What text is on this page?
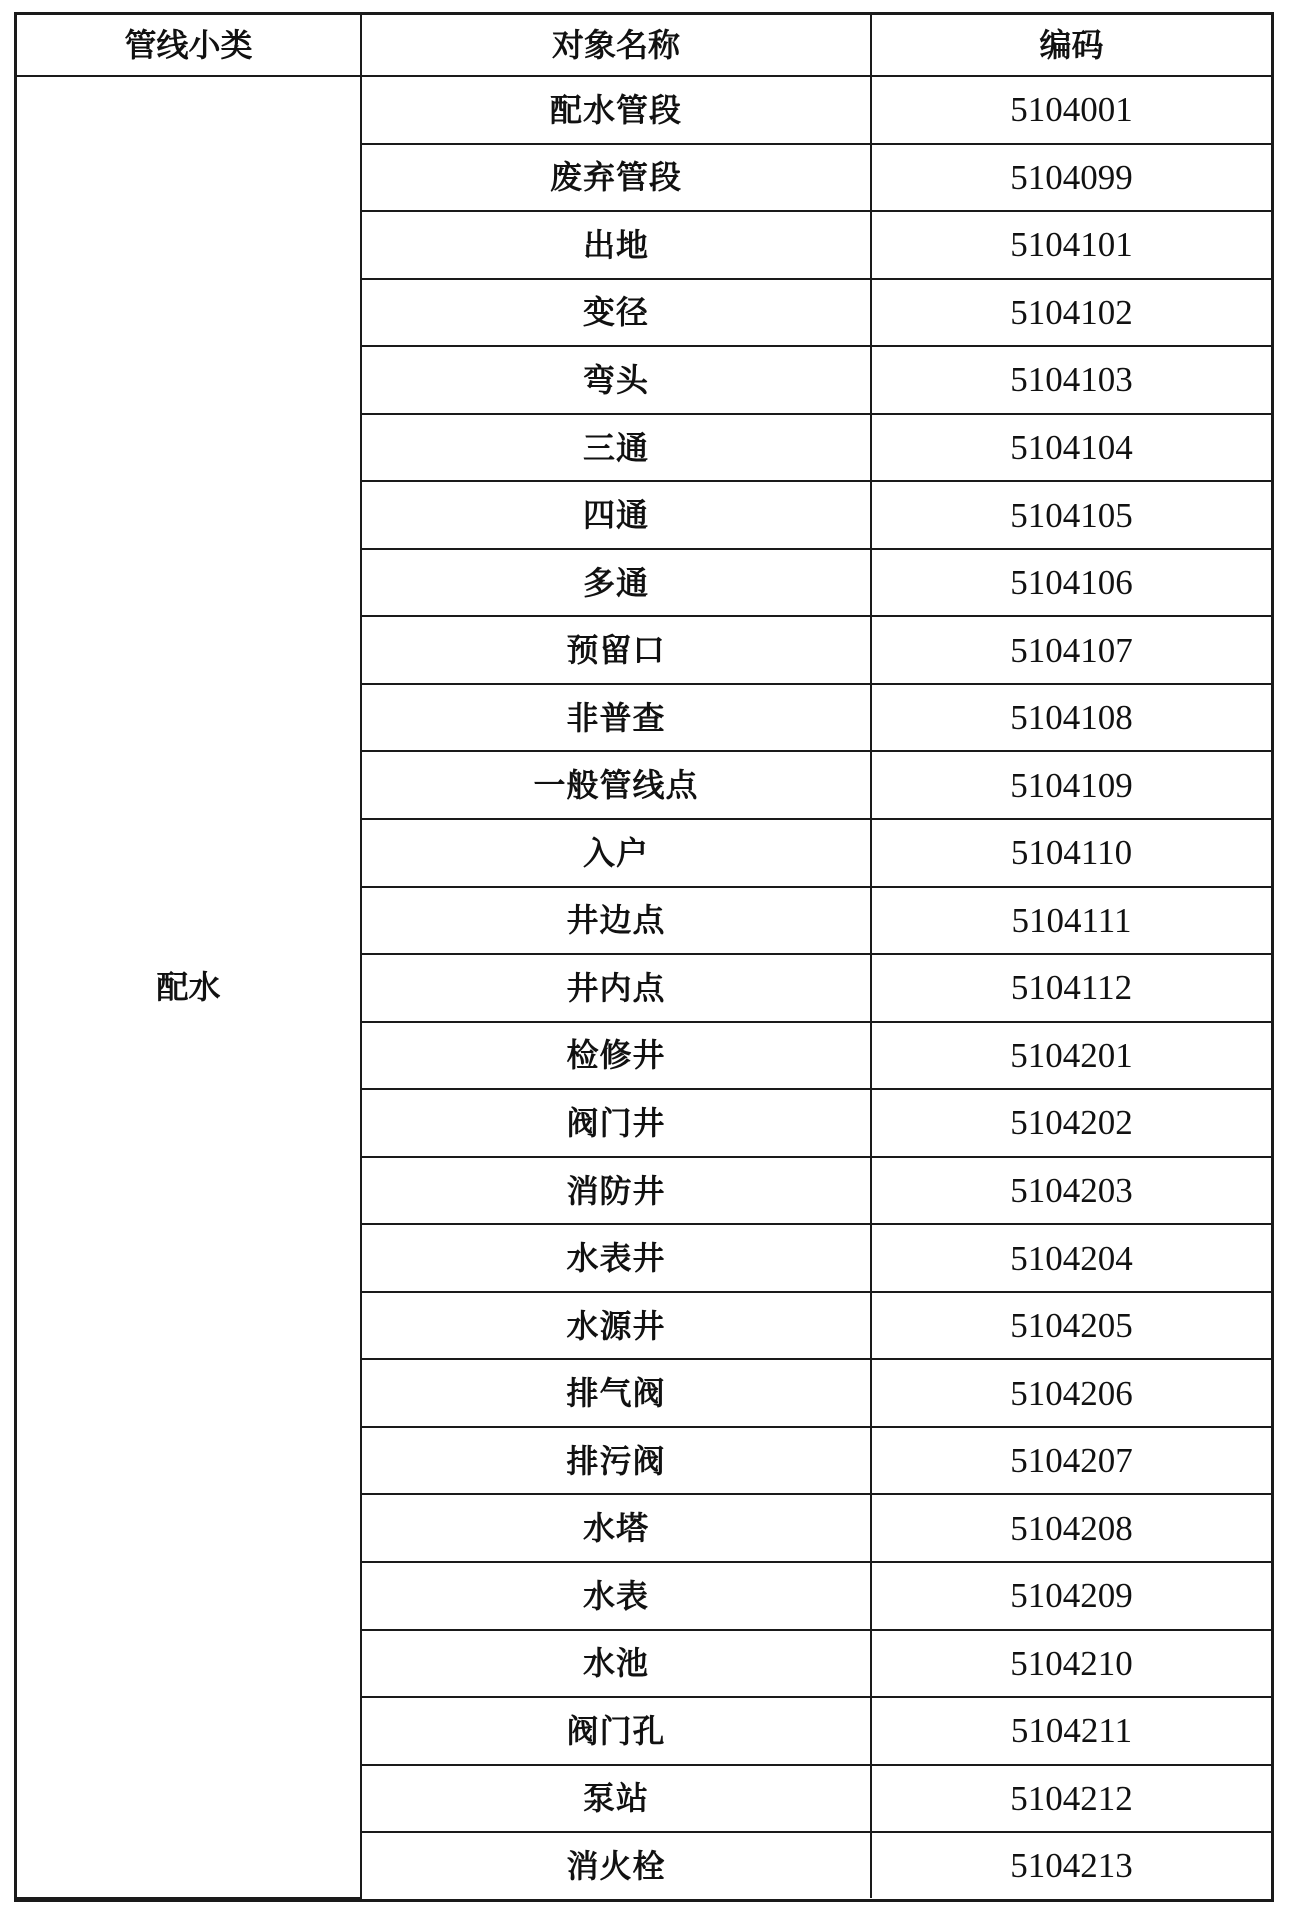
管线小类	对象名称	编码
配水	配水管段	5104001
	废弃管段	5104099
	出地	5104101
	变径	5104102
	弯头	5104103
	三通	5104104
	四通	5104105
	多通	5104106
	预留口	5104107
	非普查	5104108
	一般管线点	5104109
	入户	5104110
	井边点	5104111
	井内点	5104112
	检修井	5104201
	阀门井	5104202
	消防井	5104203
	水表井	5104204
	水源井	5104205
	排气阀	5104206
	排污阀	5104207
	水塔	5104208
	水表	5104209
	水池	5104210
	阀门孔	5104211
	泵站	5104212
	消火栓	5104213
